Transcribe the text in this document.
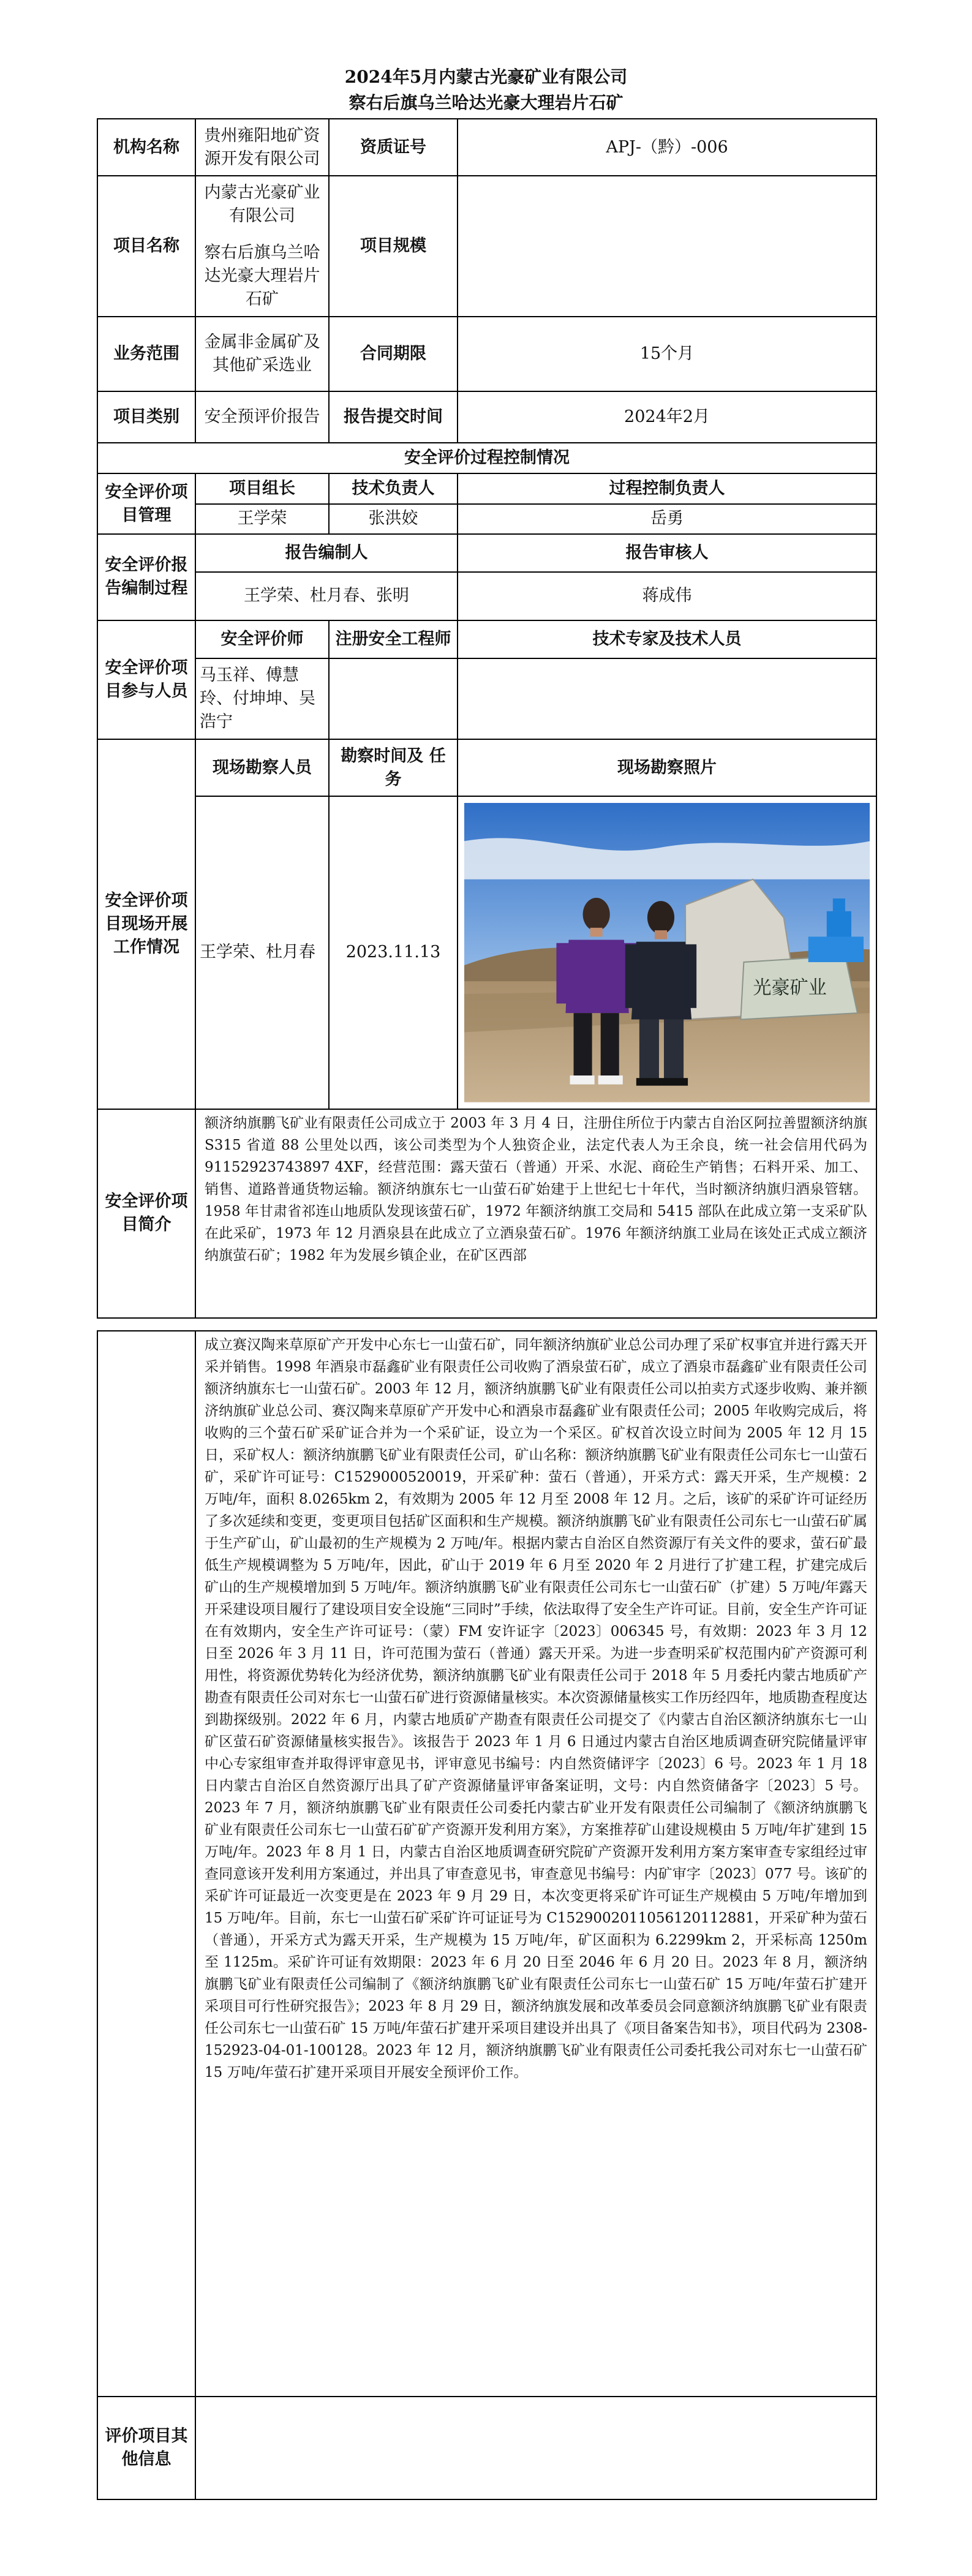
2024年5月内蒙古光豪矿业有限公司
察右后旗乌兰哈达光豪大理岩片石矿
机构名称	贵州雍阳地矿资源开发有限公司	资质证号	APJ-（黔）-006
项目名称	内蒙古光豪矿业有限公司
察右后旗乌兰哈达光豪大理岩片石矿	项目规模	
业务范围	金属非金属矿及其他矿采选业	合同期限	15个月
项目类别	安全预评价报告	报告提交时间	2024年2月
安全评价过程控制情况			
安全评价项目管理	项目组长	技术负责人	过程控制负责人
	王学荣	张洪姣	岳勇
安全评价报告编制过程	报告编制人		报告审核人
	王学荣、杜月春、张明		蒋成伟
安全评价项目参与人员	安全评价师	注册安全工程师	技术专家及技术人员
	马玉祥、傅慧玲、付坤坤、吴浩宁		
安全评价项目现场开展工作情况	现场勘察人员	勘察时间及 任务	现场勘察照片
	王学荣、杜月春	2023.11.13	光豪矿业

安全评价项目简介	额济纳旗鹏飞矿业有限责任公司成立于 2003 年 3 月 4 日，注册住所位于内蒙古自治区阿拉善盟额济纳旗 S315 省道 88 公里处以西，该公司类型为个人独资企业，法定代表人为王余良，统一社会信用代码为91152923743897 4XF，经营范围：露天萤石（普通）开采、水泥、商砼生产销售；石料开采、加工、销售、道路普通货物运输。额济纳旗东七一山萤石矿始建于上世纪七十年代，当时额济纳旗归酒泉管辖。1958 年甘肃省祁连山地质队发现该萤石矿，1972 年额济纳旗工交局和 5415 部队在此成立第一支采矿队在此采矿，1973 年 12 月酒泉县在此成立了立酒泉萤石矿。1976 年额济纳旗工业局在该处正式成立额济纳旗萤石矿；1982 年为发展乡镇企业，在矿区西部		
	成立赛汉陶来草原矿产开发中心东七一山萤石矿，同年额济纳旗矿业总公司办理了采矿权事宜并进行露天开采并销售。1998 年酒泉市磊鑫矿业有限责任公司收购了酒泉萤石矿，成立了酒泉市磊鑫矿业有限责任公司额济纳旗东七一山萤石矿。2003 年 12 月，额济纳旗鹏飞矿业有限责任公司以拍卖方式逐步收购、兼并额济纳旗矿业总公司、赛汉陶来草原矿产开发中心和酒泉市磊鑫矿业有限责任公司；2005 年收购完成后，将收购的三个萤石矿采矿证合并为一个采矿证，设立为一个采区。矿权首次设立时间为 2005 年 12 月 15 日，采矿权人：额济纳旗鹏飞矿业有限责任公司，矿山名称：额济纳旗鹏飞矿业有限责任公司东七一山萤石矿，采矿许可证号：C1529000520019，开采矿种：萤石（普通），开采方式：露天开采，生产规模：2 万吨/年，面积 8.0265km 2，有效期为 2005 年 12 月至 2008 年 12 月。之后，该矿的采矿许可证经历了多次延续和变更，变更项目包括矿区面积和生产规模。额济纳旗鹏飞矿业有限责任公司东七一山萤石矿属于生产矿山，矿山最初的生产规模为 2 万吨/年。根据内蒙古自治区自然资源厅有关文件的要求，萤石矿最低生产规模调整为 5 万吨/年，因此，矿山于 2019 年 6 月至 2020 年 2 月进行了扩建工程，扩建完成后矿山的生产规模增加到 5 万吨/年。额济纳旗鹏飞矿业有限责任公司东七一山萤石矿（扩建）5 万吨/年露天开采建设项目履行了建设项目安全设施“三同时”手续，依法取得了安全生产许可证。目前，安全生产许可证在有效期内，安全生产许可证号：（蒙）FM 安许证字〔2023〕006345 号，有效期：2023 年 3 月 12 日至 2026 年 3 月 11 日，许可范围为萤石（普通）露天开采。为进一步查明采矿权范围内矿产资源可利用性，将资源优势转化为经济优势，额济纳旗鹏飞矿业有限责任公司于 2018 年 5 月委托内蒙古地质矿产勘查有限责任公司对东七一山萤石矿进行资源储量核实。本次资源储量核实工作历经四年，地质勘查程度达到勘探级别。2022 年 6 月，内蒙古地质矿产勘查有限责任公司提交了《内蒙古自治区额济纳旗东七一山矿区萤石矿资源储量核实报告》。该报告于 2023 年 1 月 6 日通过内蒙古自治区地质调查研究院储量评审中心专家组审查并取得评审意见书，评审意见书编号：内自然资储评字〔2023〕6 号。2023 年 1 月 18 日内蒙古自治区自然资源厅出具了矿产资源储量评审备案证明，文号：内自然资储备字〔2023〕5 号。2023 年 7 月，额济纳旗鹏飞矿业有限责任公司委托内蒙古矿业开发有限责任公司编制了《额济纳旗鹏飞矿业有限责任公司东七一山萤石矿矿产资源开发利用方案》，方案推荐矿山建设规模由 5 万吨/年扩建到 15 万吨/年。2023 年 8 月 1 日，内蒙古自治区地质调查研究院矿产资源开发利用方案方案审查专家组经过审查同意该开发利用方案通过，并出具了审查意见书，审查意见书编号：内矿审字〔2023〕077 号。该矿的采矿许可证最近一次变更是在 2023 年 9 月 29 日，本次变更将采矿许可证生产规模由 5 万吨/年增加到 15 万吨/年。目前，东七一山萤石矿采矿许可证证号为 C1529002011056120112881，开采矿种为萤石（普通），开采方式为露天开采，生产规模为 15 万吨/年，矿区面积为 6.2299km 2，开采标高 1250m 至 1125m。采矿许可证有效期限：2023 年 6 月 20 日至 2046 年 6 月 20 日。2023 年 8 月，额济纳旗鹏飞矿业有限责任公司编制了《额济纳旗鹏飞矿业有限责任公司东七一山萤石矿 15 万吨/年萤石扩建开采项目可行性研究报告》；2023 年 8 月 29 日，额济纳旗发展和改革委员会同意额济纳旗鹏飞矿业有限责任公司东七一山萤石矿 15 万吨/年萤石扩建开采项目建设并出具了《项目备案告知书》，项目代码为 2308-152923-04-01-100128。2023 年 12 月，额济纳旗鹏飞矿业有限责任公司委托我公司对东七一山萤石矿 15 万吨/年萤石扩建开采项目开展安全预评价工作。
评价项目其他信息	
